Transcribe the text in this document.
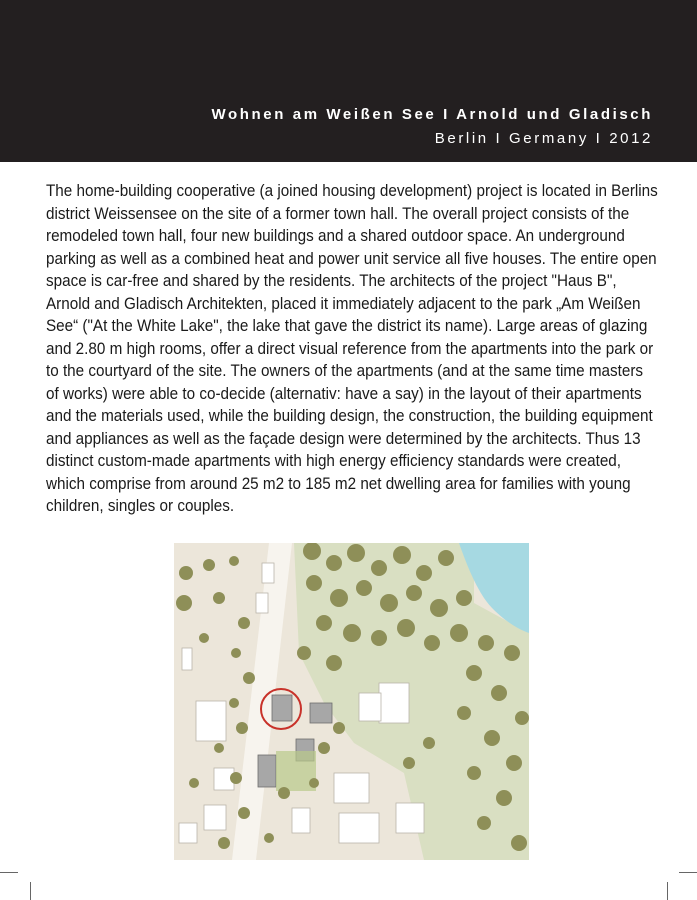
Wohnen am Weißen See I Arnold und Gladisch
Berlin I Germany I 2012
The home-building cooperative (a joined housing development) project is located in Berlins district Weissensee on the site of a former town hall. The overall project consists of the remodeled town hall, four new buildings and a shared outdoor space. An underground parking as well as a combined heat and power unit service all five houses. The entire open space is car-free and shared by the residents. The architects of the project "Haus B", Arnold and Gladisch Architekten, placed it immediately adjacent to the park „Am Weißen See“ ("At the White Lake", the lake that gave the district its name). Large areas of glazing and 2.80 m high rooms, offer a direct visual reference from the apartments into the park or to the courtyard of the site. The owners of the apartments (and at the same time masters of works) were able to co-decide (alternativ: have a say) in the layout of their apartments and the materials used, while the building design, the construction, the building equipment and appliances as well as the façade design were determined by the architects. Thus 13 distinct custom-made apartments with high energy efficiency standards were created, which comprise from around 25 m2 to 185 m2 net dwelling area for families with young children, singles or couples.
